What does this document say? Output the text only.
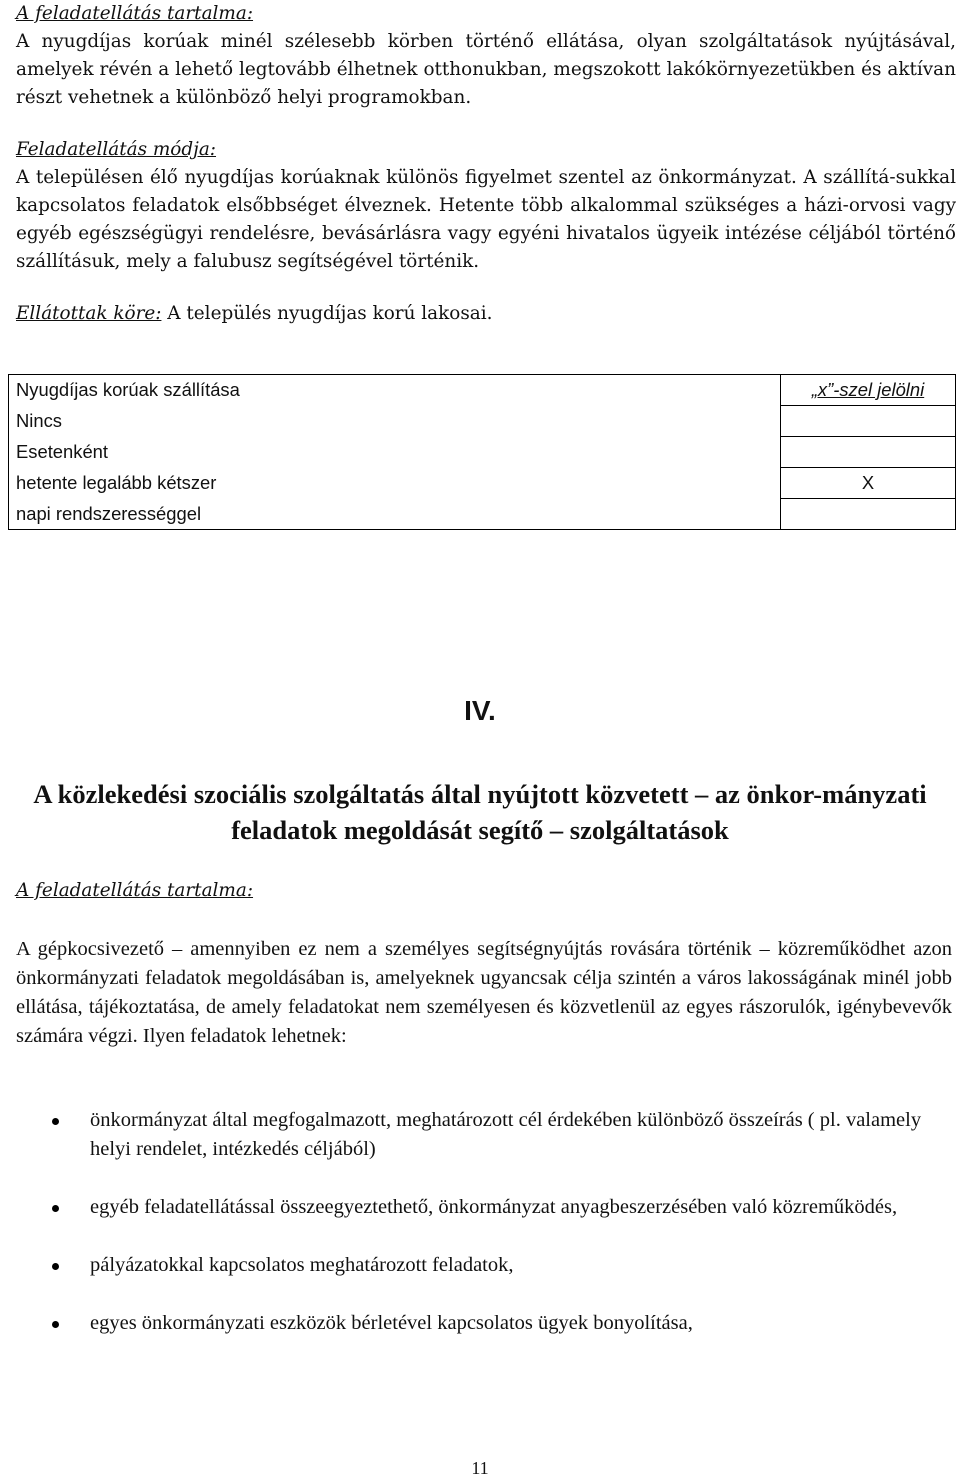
A feladatellátás tartalma:

A nyugdíjas korúak minél szélesebb körben történő ellátása, olyan szolgáltatások nyújtásával, amelyek révén a lehető legtovább élhetnek otthonukban, megszokott lakókörnyezetükben és aktívan részt vehetnek a különböző helyi programokban.

Feladatellátás módja:

A településen élő nyugdíjas korúaknak különös figyelmet szentel az önkormányzat. A szállítá-sukkal kapcsolatos feladatok elsőbbséget élveznek. Hetente több alkalommal szükséges a házi-orvosi vagy egyéb egészségügyi rendelésre, bevásárlásra vagy egyéni hivatalos ügyeik intézése céljából történő szállításuk, mely a falubusz segítségével történik.

Ellátottak köre: A település nyugdíjas korú lakosai.

Nyugdíjas korúak szállítása	„x”-szel jelölni
Nincs	
Esetenként	
hetente legalább kétszer	X
napi rendszerességgel	
IV.
A közlekedési szociális szolgáltatás által nyújtott közvetett – az önkor-mányzati feladatok megoldását segítő – szolgáltatások
A feladatellátás tartalma:

A gépkocsivezető – amennyiben ez nem a személyes segítségnyújtás rovására történik – közreműködhet azon önkormányzati feladatok megoldásában is, amelyeknek ugyancsak célja szintén a város lakosságának minél jobb ellátása, tájékoztatása, de amely feladatokat nem személyesen és közvetlenül az egyes rászorulók, igénybevevők számára végzi. Ilyen feladatok lehetnek:

önkormányzat által megfogalmazott, meghatározott cél érdekében különböző összeírás ( pl. valamely helyi rendelet, intézkedés céljából)
egyéb feladatellátással összeegyeztethető, önkormányzat anyagbeszerzésében való közreműködés,
pályázatokkal kapcsolatos meghatározott feladatok,
egyes önkormányzati eszközök bérletével kapcsolatos ügyek bonyolítása,
11
